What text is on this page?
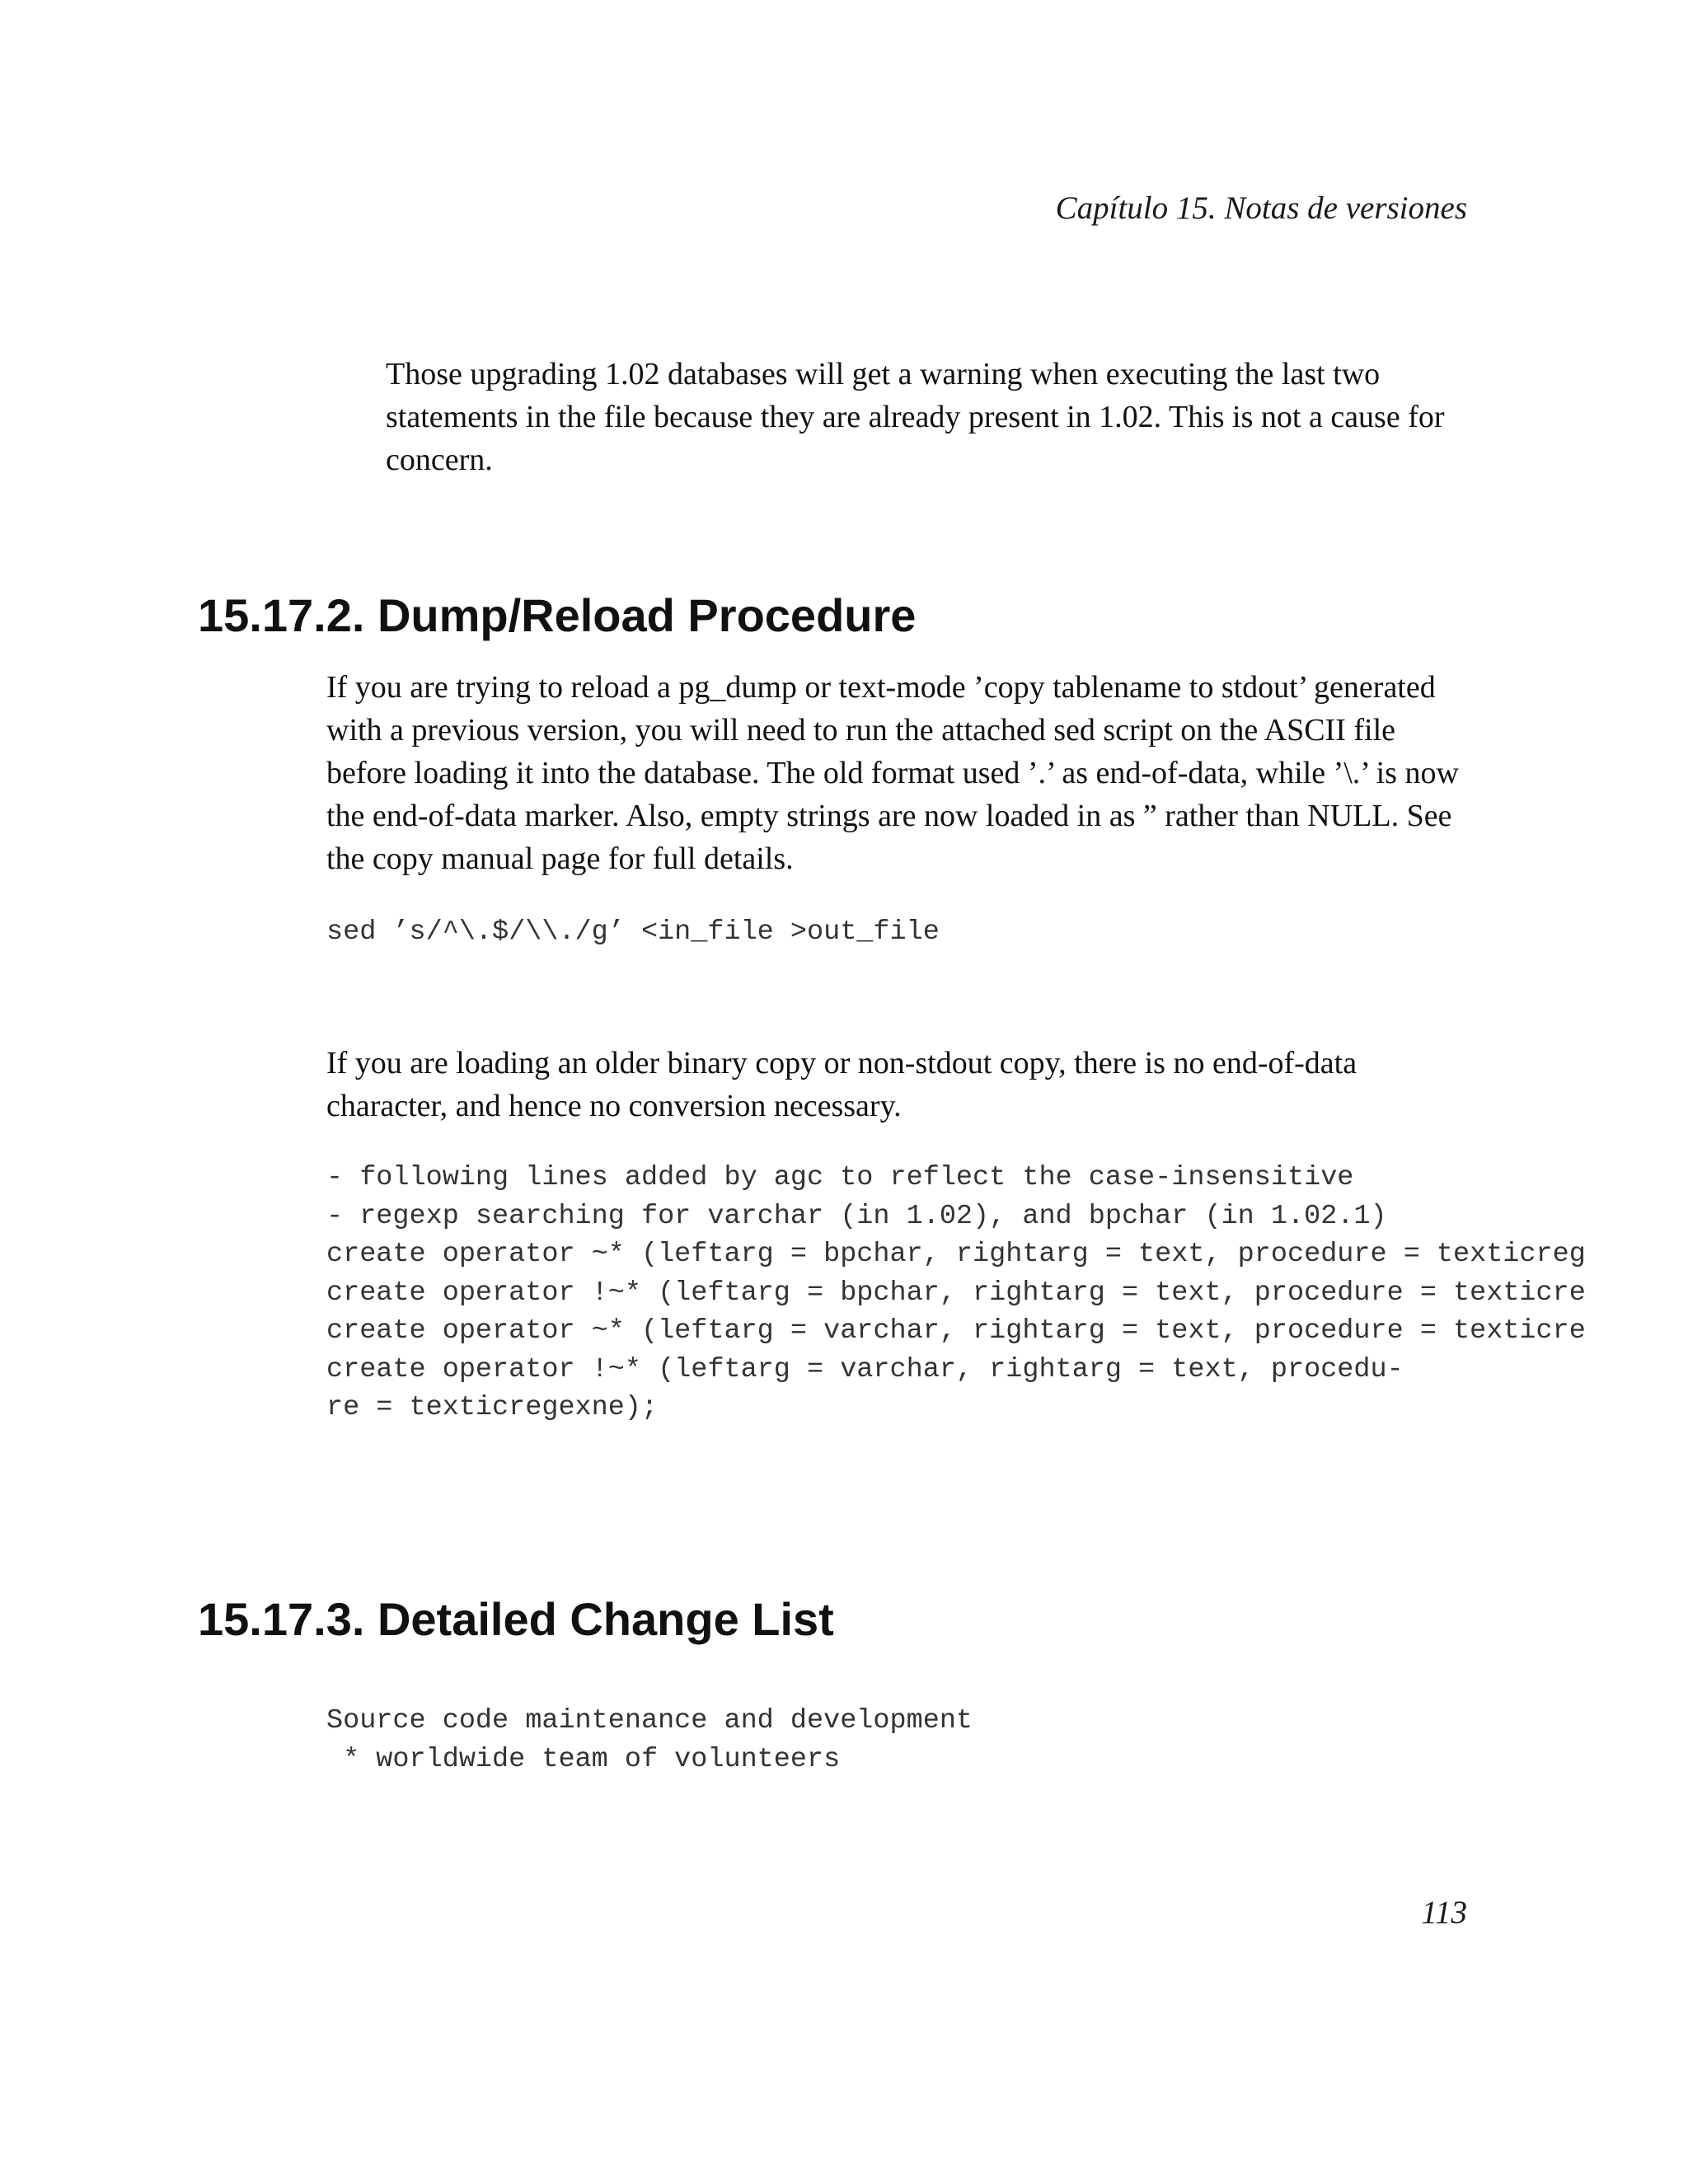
Capítulo 15. Notas de versiones

Those upgrading 1.02 databases will get a warning when executing the last two statements in the file because they are already present in 1.02. This is not a cause for concern.

15.17.2. Dump/Reload Procedure

If you are trying to reload a pg_dump or text-mode ’copy tablename to stdout’ generated with a previous version, you will need to run the attached sed script on the ASCII file before loading it into the database. The old format used ’.’ as end-of-data, while ’\.’ is now the end-of-data marker. Also, empty strings are now loaded in as ” rather than NULL. See the copy manual page for full details.

sed ’s/^\.$/\\./g’ <in_file >out_file

If you are loading an older binary copy or non-stdout copy, there is no end-of-data character, and hence no conversion necessary.

- following lines added by agc to reflect the case-insensitive
- regexp searching for varchar (in 1.02), and bpchar (in 1.02.1)
create operator ~* (leftarg = bpchar, rightarg = text, procedure = texticreg
create operator !~* (leftarg = bpchar, rightarg = text, procedure = texticre
create operator ~* (leftarg = varchar, rightarg = text, procedure = texticre
create operator !~* (leftarg = varchar, rightarg = text, procedu-
re = texticregexne);
15.17.3. Detailed Change List
Source code maintenance and development
* worldwide team of volunteers
113
